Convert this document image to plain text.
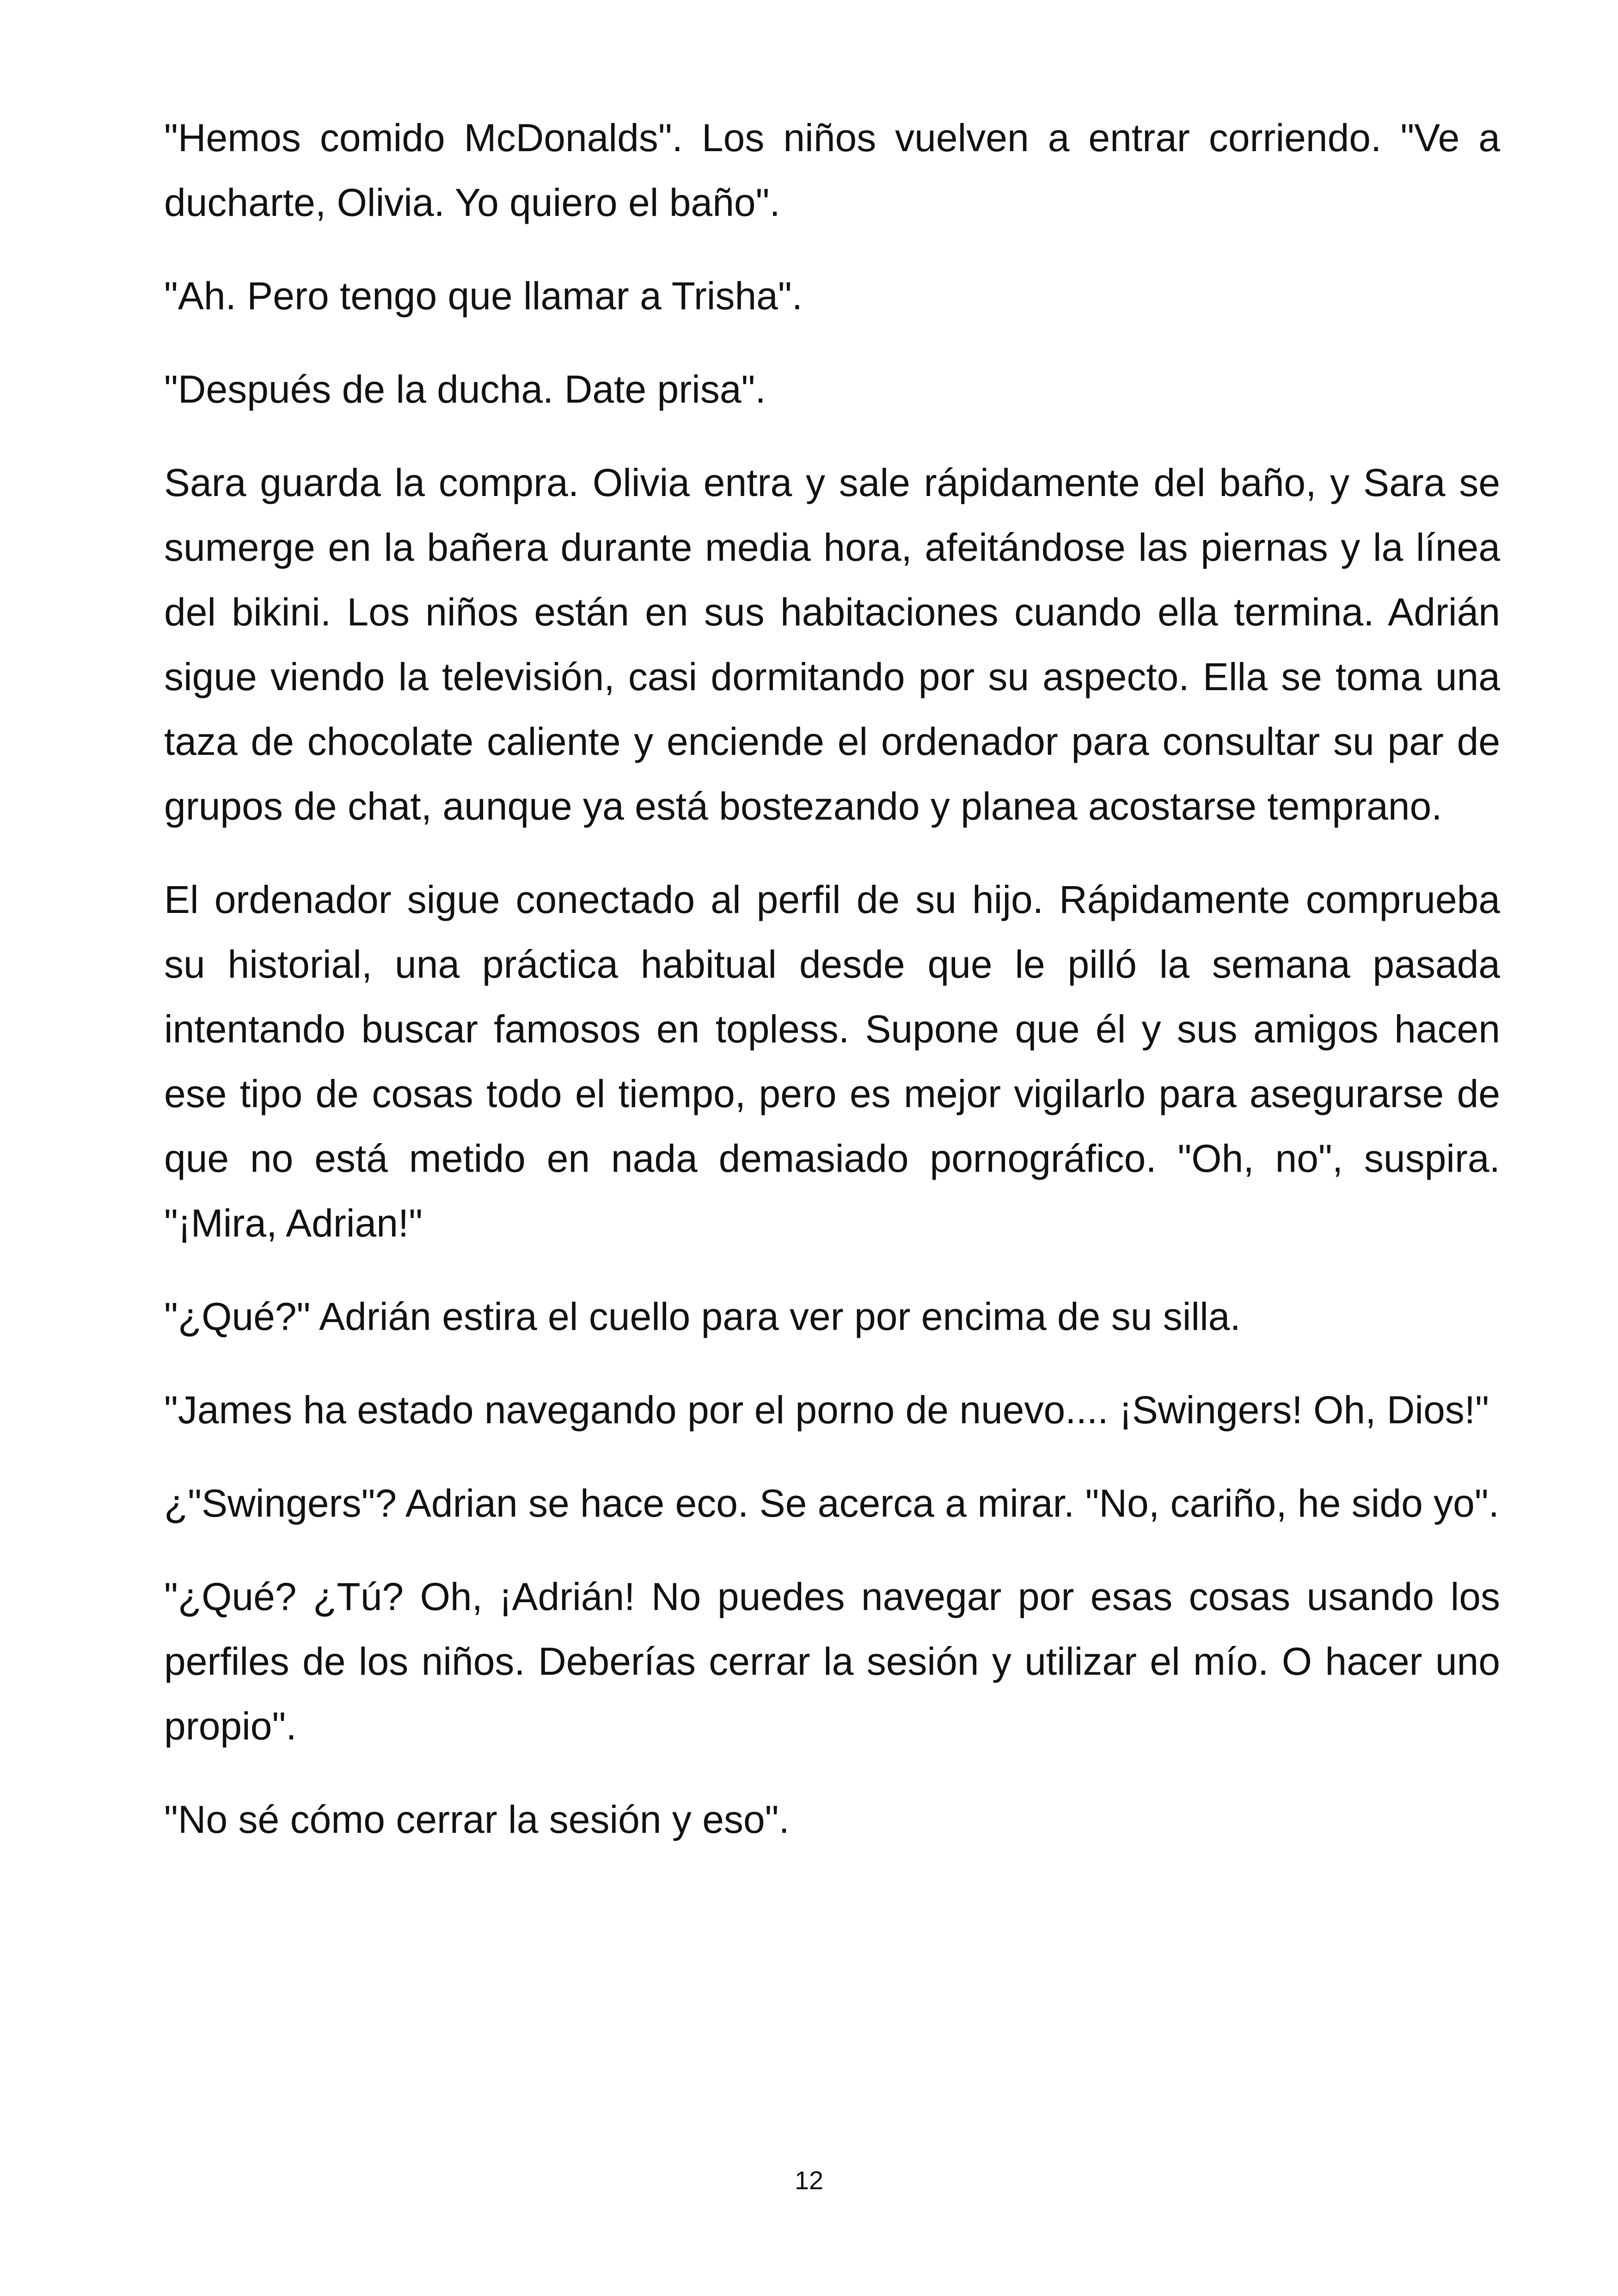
"Hemos comido McDonalds". Los niños vuelven a entrar corriendo. "Ve a ducharte, Olivia. Yo quiero el baño".

"Ah. Pero tengo que llamar a Trisha".

"Después de la ducha. Date prisa".

Sara guarda la compra. Olivia entra y sale rápidamente del baño, y Sara se sumerge en la bañera durante media hora, afeitándose las piernas y la línea del bikini. Los niños están en sus habitaciones cuando ella termina. Adrián sigue viendo la televisión, casi dormitando por su aspecto. Ella se toma una taza de chocolate caliente y enciende el ordenador para consultar su par de grupos de chat, aunque ya está bostezando y planea acostarse temprano.

El ordenador sigue conectado al perfil de su hijo. Rápidamente comprueba su historial, una práctica habitual desde que le pilló la semana pasada intentando buscar famosos en topless. Supone que él y sus amigos hacen ese tipo de cosas todo el tiempo, pero es mejor vigilarlo para asegurarse de que no está metido en nada demasiado pornográfico. "Oh, no", suspira. "¡Mira, Adrian!"

"¿Qué?" Adrián estira el cuello para ver por encima de su silla.

"James ha estado navegando por el porno de nuevo.... ¡Swingers! Oh, Dios!"

¿"Swingers"? Adrian se hace eco. Se acerca a mirar. "No, cariño, he sido yo".

"¿Qué? ¿Tú? Oh, ¡Adrián! No puedes navegar por esas cosas usando los perfiles de los niños. Deberías cerrar la sesión y utilizar el mío. O hacer uno propio".

"No sé cómo cerrar la sesión y eso".

12
